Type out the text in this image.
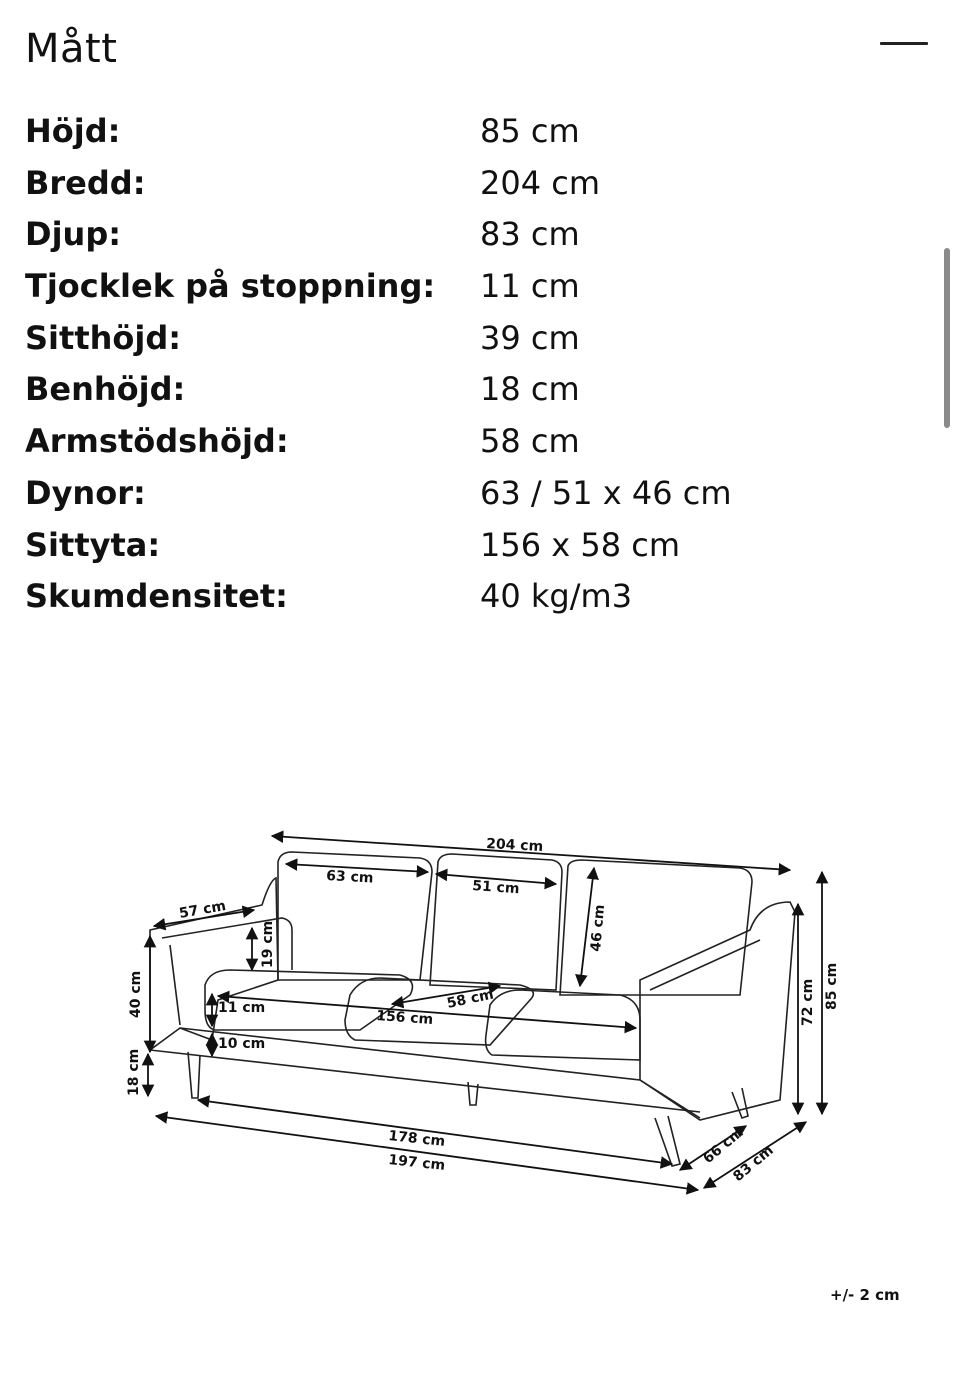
Mått
Höjd:	85 cm
Bredd:	204 cm
Djup:	83 cm
Tjocklek på stoppning: 11 cm
Sitthöjd:	39 cm
Benhöjd:	18 cm
Armstödshöjd:	58 cm
Dynor:	63 / 51 x 46 cm
Sittyta:	156 x 58 cm
Skumdensitet:	40 kg/m3
204 cm
63 cm
51 cm
46 cm
57 cm
19 cm
40 cm	11 cm
156 cm
58 cm
10 cm
18 cm
178 cm
197 cm	66 cm
83 cm
72 cm 85 cm
+/- 2 cm
